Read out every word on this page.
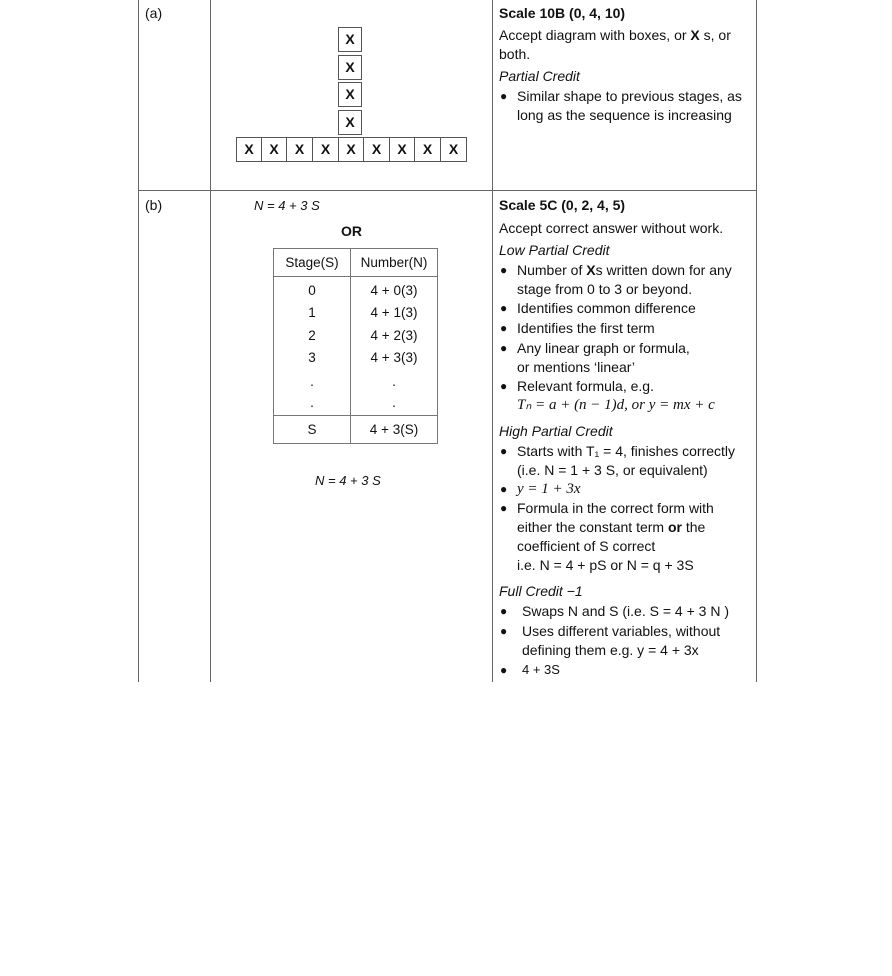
(a)
X
X
X
X
X	X	X	X	X	X	X	X	X
Scale 10B (0, 4, 10)
Accept diagram with boxes, or X s, or
both.
Partial Credit
● Similar shape to previous stages, as
long as the sequence is increasing
(b)	N = 4 + 3 S
OR
Stage(S)	Number(N)
0	4 + 0(3)
1	4 + 1(3)
2	4 + 2(3)
3	4 + 3(3)
.	.
.	.
S	4 + 3(S)
N = 4 + 3 S
Scale 5C (0, 2, 4, 5)
Accept correct answer without work.
Low Partial Credit
● Number of Xs written down for any
stage from 0 to 3 or beyond.
● Identifies common difference
● Identifies the first term
● Any linear graph or formula,
or mentions ‘linear’
● Relevant formula, e.g.
Tₙ = a + (n − 1)d, or y = mx + c
High Partial Credit
● Starts with T₁ = 4, finishes correctly
(i.e. N = 1 + 3 S, or equivalent)
● y = 1 + 3x
● Formula in the correct form with
either the constant term or the
coefficient of S correct
i.e. N = 4 + pS or N = q + 3S
Full Credit −1
● Swaps N and S (i.e. S = 4 + 3 N )
● Uses different variables, without
defining them e.g. y = 4 + 3x
● 4 + 3S
